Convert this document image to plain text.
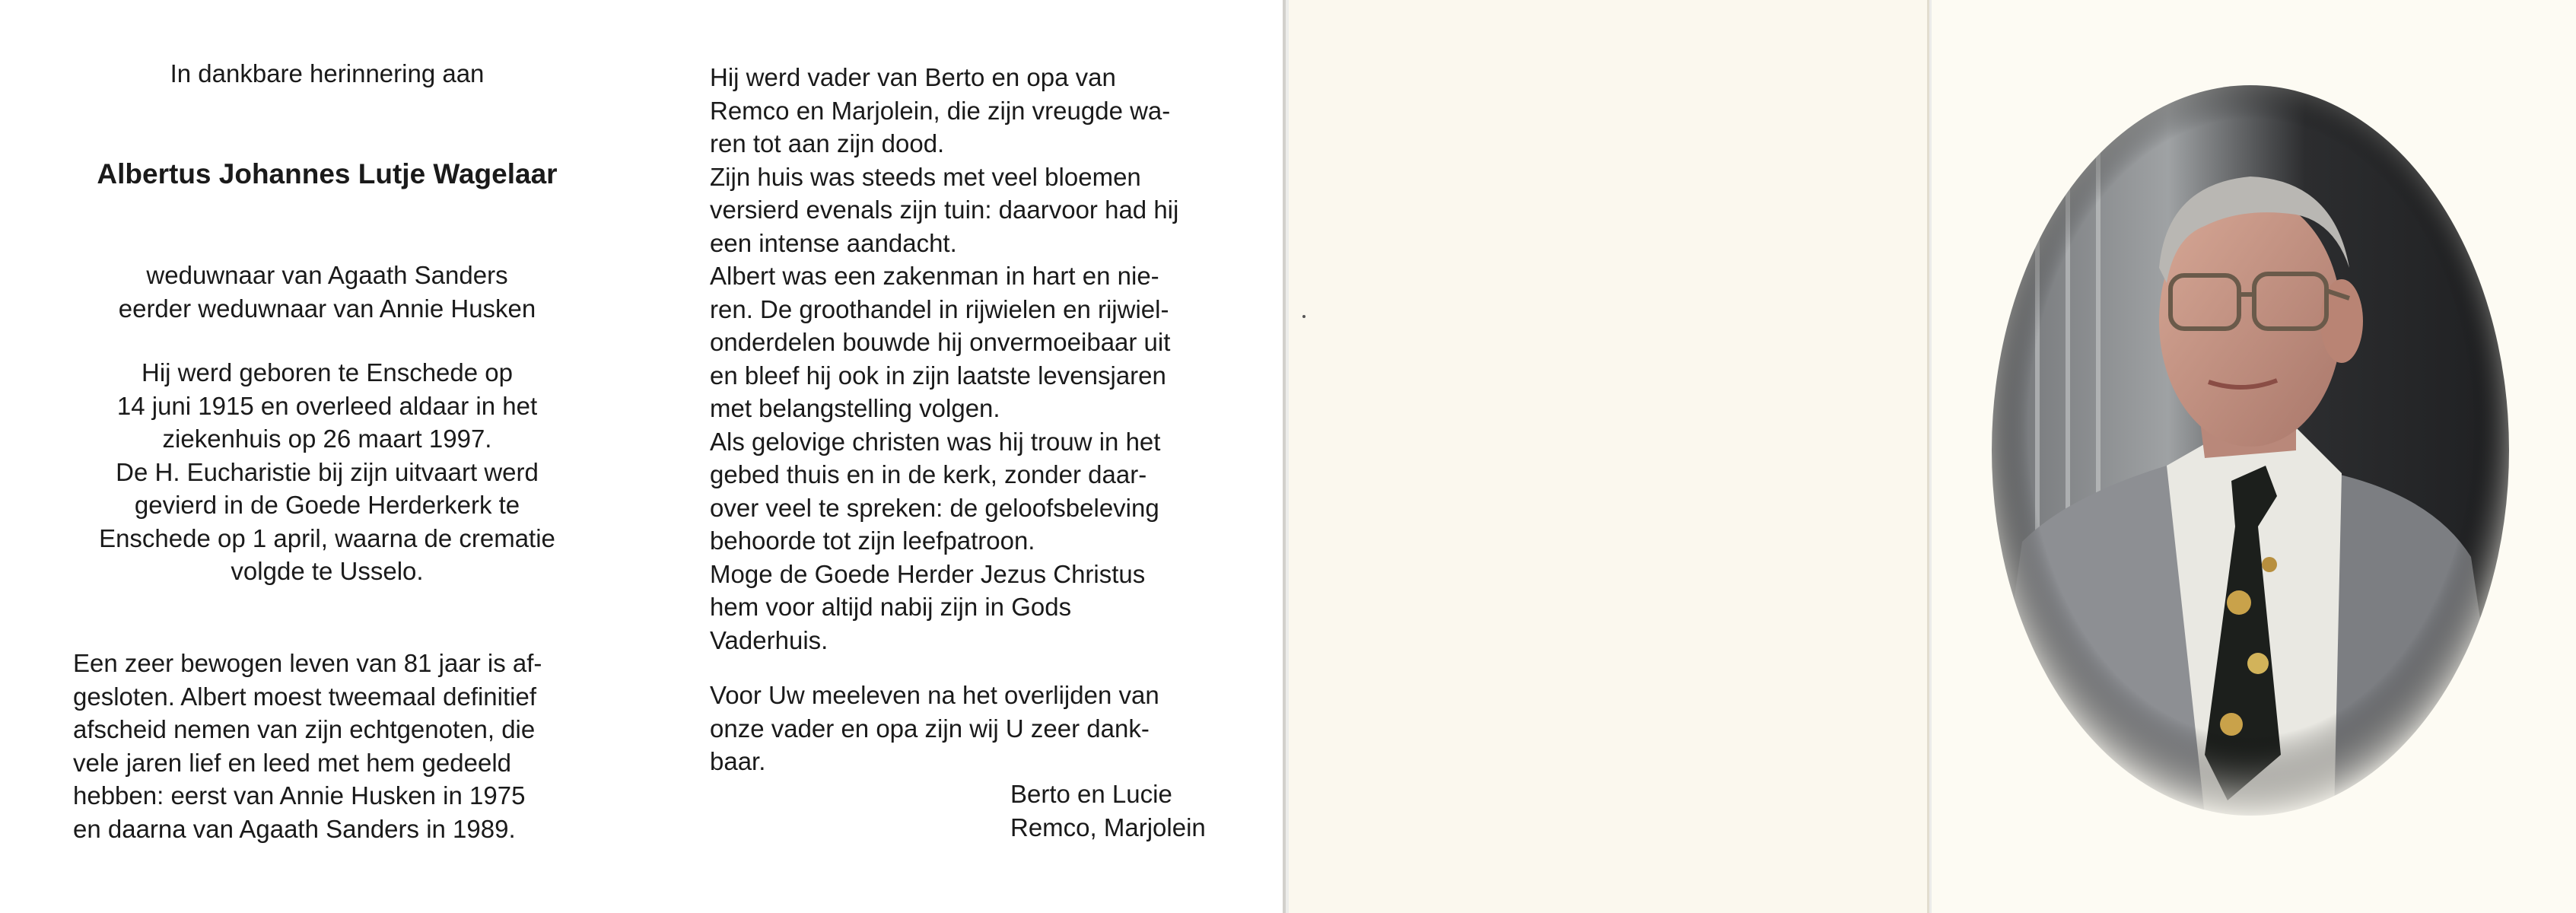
In dankbare herinnering aan

Albertus Johannes Lutje Wagelaar

weduwnaar van Agaath Sanders
eerder weduwnaar van Annie Husken
Hij werd geboren te Enschede op
14 juni 1915 en overleed aldaar in het
ziekenhuis op 26 maart 1997.
De H. Eucharistie bij zijn uitvaart werd
gevierd in de Goede Herderkerk te
Enschede op 1 april, waarna de crematie
volgde te Usselo.
Een zeer bewogen leven van 81 jaar is af-
gesloten. Albert moest tweemaal definitief
afscheid nemen van zijn echtgenoten, die
vele jaren lief en leed met hem gedeeld
hebben: eerst van Annie Husken in 1975
en daarna van Agaath Sanders in 1989.
Hij werd vader van Berto en opa van
Remco en Marjolein, die zijn vreugde wa-
ren tot aan zijn dood.
Zijn huis was steeds met veel bloemen
versierd evenals zijn tuin: daarvoor had hij
een intense aandacht.
Albert was een zakenman in hart en nie-
ren. De groothandel in rijwielen en rijwiel-
onderdelen bouwde hij onvermoeibaar uit
en bleef hij ook in zijn laatste levensjaren
met belangstelling volgen.
Als gelovige christen was hij trouw in het
gebed thuis en in de kerk, zonder daar-
over veel te spreken: de geloofsbeleving
behoorde tot zijn leefpatroon.
Moge de Goede Herder Jezus Christus
hem voor altijd nabij zijn in Gods
Vaderhuis.
Voor Uw meeleven na het overlijden van
onze vader en opa zijn wij U zeer dank-
baar.
Berto en Lucie
Remco, Marjolein
